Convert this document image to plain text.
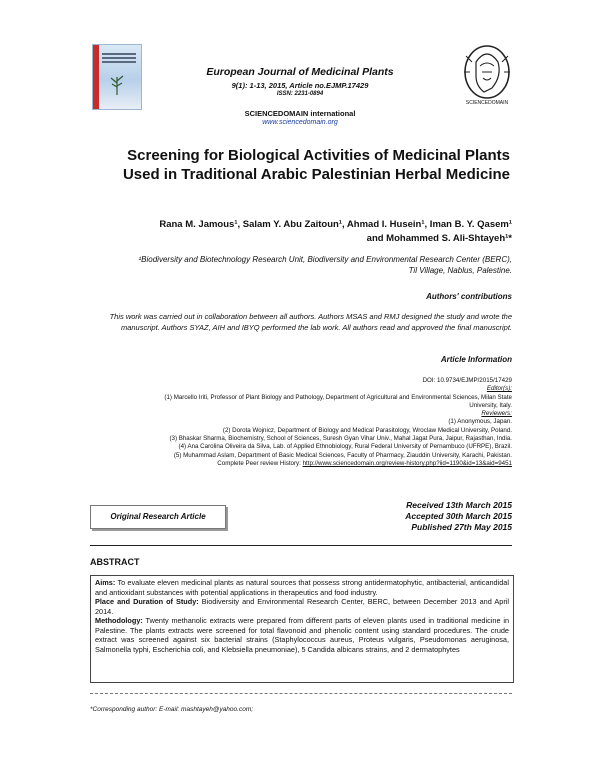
European Journal of Medicinal Plants
9(1): 1-13, 2015, Article no.EJMP.17429
ISSN: 2231-0894
SCIENCEDOMAIN international
www.sciencedomain.org
SCIENCEDOMAIN
Screening for Biological Activities of Medicinal Plants Used in Traditional Arabic Palestinian Herbal Medicine
Rana M. Jamous¹, Salam Y. Abu Zaitoun¹, Ahmad I. Husein¹, Iman B. Y. Qasem¹
and Mohammed S. Ali-Shtayeh¹*
¹Biodiversity and Biotechnology Research Unit, Biodiversity and Environmental Research Center (BERC), Til Village, Nablus, Palestine.
Authors' contributions
This work was carried out in collaboration between all authors. Authors MSAS and RMJ designed the study and wrote the manuscript. Authors SYAZ, AIH and IBYQ performed the lab work. All authors read and approved the final manuscript.
Article Information
DOI: 10.9734/EJMP/2015/17429
Editor(s):
(1) Marcello Iriti, Professor of Plant Biology and Pathology, Department of Agricultural and Environmental Sciences, Milan State
University, Italy.
Reviewers:
(1) Anonymous, Japan.
(2) Dorota Wojnicz, Department of Biology and Medical Parasitology, Wroclaw Medical University, Poland.
(3) Bhaskar Sharma, Biochemistry, School of Sciences, Suresh Gyan Vihar Univ., Mahal Jagat Pura, Jaipur, Rajasthan, India.
(4) Ana Carolina Oliveira da Silva, Lab. of Applied Ethnobiology, Rural Federal University of Pernambuco (UFRPE), Brazil.
(5) Muhammad Aslam, Department of Basic Medical Sciences, Faculty of Pharmacy, Ziauddin University, Karachi, Pakistan.
Complete Peer review History: http://www.sciencedomain.org/review-history.php?iid=1190&id=13&aid=9451
Original Research Article
Received 13th March 2015
Accepted 30th March 2015
Published 27th May 2015
ABSTRACT
Aims: To evaluate eleven medicinal plants as natural sources that possess strong antidermatophytic, antibacterial, anticandidal and antioxidant substances with potential applications in therapeutics and food industry.
Place and Duration of Study: Biodiversity and Environmental Research Center, BERC, between December 2013 and April 2014.
Methodology: Twenty methanolic extracts were prepared from different parts of eleven plants used in traditional medicine in Palestine. The plants extracts were screened for total flavonoid and phenolic content using standard procedures. The crude extract was screened against six bacterial strains (Staphylococcus aureus, Proteus vulgaris, Pseudomonas aeruginosa, Salmonella typhi, Escherichia coli, and Klebsiella pneumoniae), 5 Candida albicans strains, and 2 dermatophytes
*Corresponding author: E-mail: mashtayeh@yahoo.com;
